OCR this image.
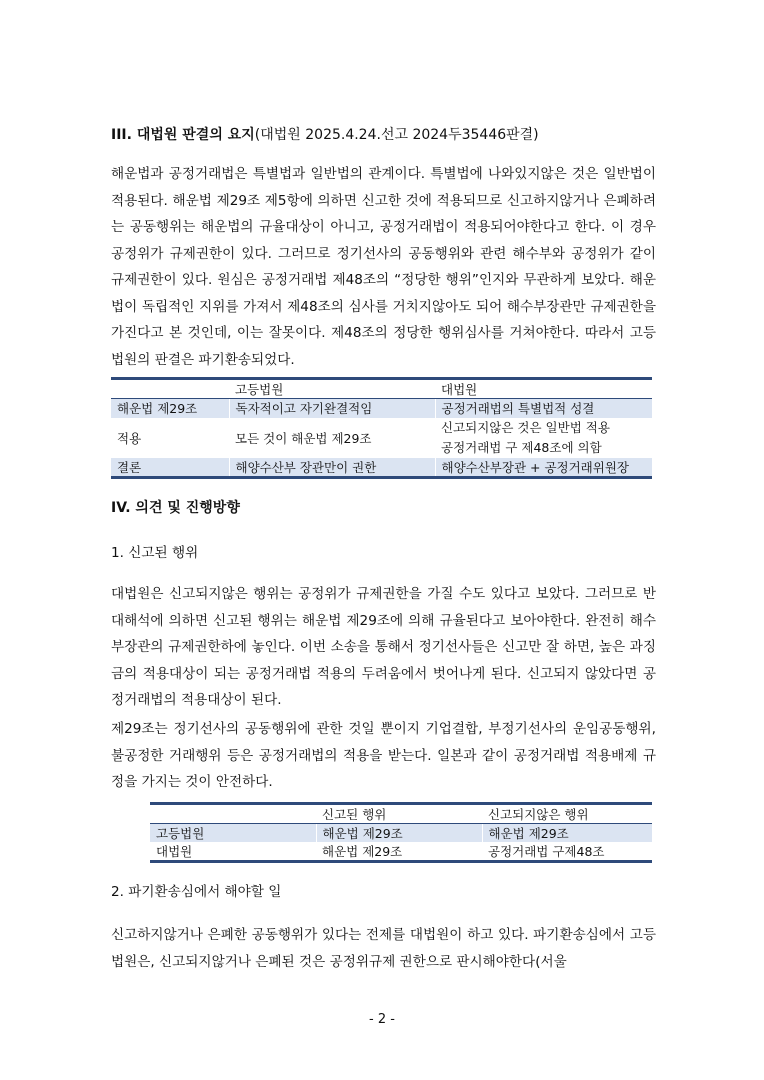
III. 대법원 판결의 요지(대법원 2025.4.24.선고 2024두35446판결)

해운법과 공정거래법은 특별법과 일반법의 관계이다. 특별법에 나와있지않은 것은 일반법이 적용된다. 해운법 제29조 제5항에 의하면 신고한 것에 적용되므로 신고하지않거나 은폐하려는 공동행위는 해운법의 규율대상이 아니고, 공정거래법이 적용되어야한다고 한다. 이 경우 공정위가 규제권한이 있다. 그러므로 정기선사의 공동행위와 관련 해수부와 공정위가 같이 규제권한이 있다. 원심은 공정거래법 제48조의 “정당한 행위”인지와 무관하게 보았다. 해운법이 독립적인 지위를 가져서 제48조의 심사를 거치지않아도 되어 해수부장관만 규제권한을 가진다고 본 것인데, 이는 잘못이다. 제48조의 정당한 행위심사를 거쳐야한다. 따라서 고등법원의 판결은 파기환송되었다.

	고등법원	대법원
해운법 제29조	독자적이고 자기완결적임	공정거래법의 특별법적 성결
적용	모든 것이 해운법 제29조	신고되지않은 것은 일반법 적용
공정거래법 구 제48조에 의함

결론	해양수산부 장관만이 권한	해양수산부장관 + 공정거래위원장
IV. 의견 및 진행방향
1. 신고된 행위

대법원은 신고되지않은 행위는 공정위가 규제권한을 가질 수도 있다고 보았다. 그러므로 반대해석에 의하면 신고된 행위는 해운법 제29조에 의해 규율된다고 보아야한다. 완전히 해수부장관의 규제권한하에 놓인다. 이번 소송을 통해서 정기선사들은 신고만 잘 하면, 높은 과징금의 적용대상이 되는 공정거래법 적용의 두려움에서 벗어나게 된다. 신고되지 않았다면 공정거래법의 적용대상이 된다.

제29조는 정기선사의 공동행위에 관한 것일 뿐이지 기업결합, 부정기선사의 운임공동행위, 불공정한 거래행위 등은 공정거래법의 적용을 받는다. 일본과 같이 공정거래법 적용배제 규정을 가지는 것이 안전하다.

	신고된 행위	신고되지않은 행위
고등법원	해운법 제29조	해운법 제29조
대법원	해운법 제29조	공정거래법 구제48조
2. 파기환송심에서 해야할 일

신고하지않거나 은폐한 공동행위가 있다는 전제를 대법원이 하고 있다. 파기환송심에서 고등법원은, 신고되지않거나 은폐된 것은 공정위규제 권한으로 판시해야한다(서울

- 2 -
